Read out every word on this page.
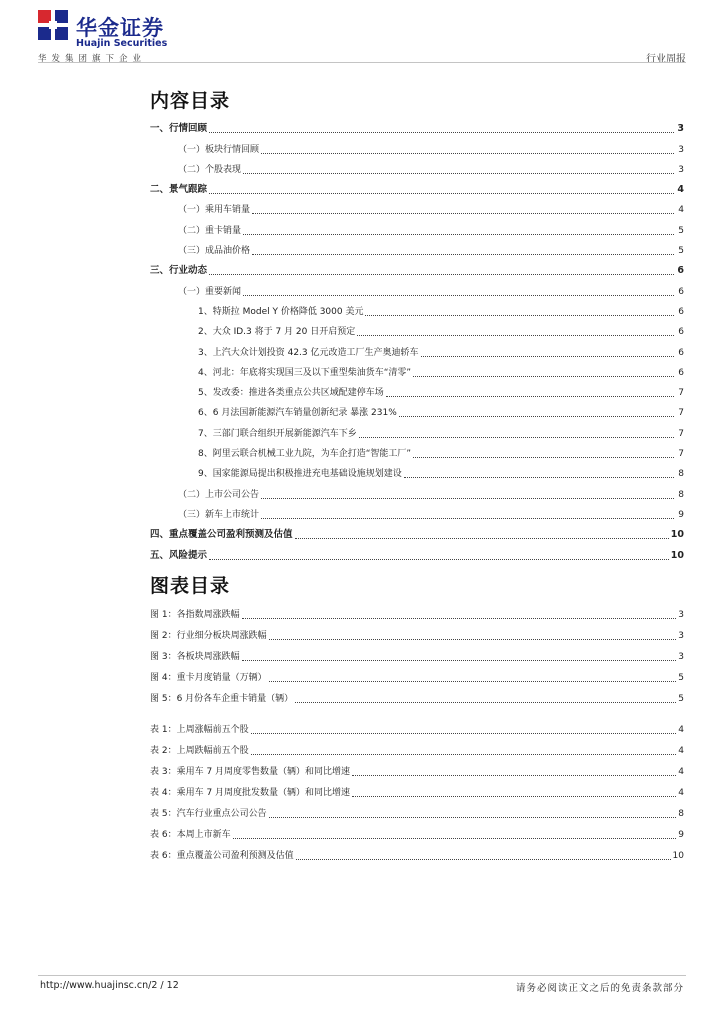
华金证券
Huajin Securities
华发集团旗下企业	行业周报
内容目录
一、行情回顾	3
（一）板块行情回顾	3
（二）个股表现	3
二、景气跟踪	4
（一）乘用车销量	4
（二）重卡销量	5
（三）成品油价格	5
三、行业动态	6
（一）重要新闻	6
1、特斯拉 Model Y 价格降低 3000 美元	6
2、大众 ID.3 将于 7 月 20 日开启预定	6
3、上汽大众计划投资 42.3 亿元改造工厂生产奥迪轿车	6
4、河北：年底将实现国三及以下重型柴油货车“清零”	6
5、发改委：推进各类重点公共区域配建停车场	7
6、6 月法国新能源汽车销量创新纪录 暴涨 231%	7
7、三部门联合组织开展新能源汽车下乡	7
8、阿里云联合机械工业九院，为车企打造“智能工厂”	7
9、国家能源局提出积极推进充电基础设施规划建设	8
（二）上市公司公告	8
（三）新车上市统计	9
四、重点覆盖公司盈利预测及估值	10
五、风险提示	10
图表目录
图 1：各指数周涨跌幅	3
图 2：行业细分板块周涨跌幅	3
图 3：各板块周涨跌幅	3
图 4：重卡月度销量（万辆）	5
图 5：6 月份各车企重卡销量（辆）	5
表 1：上周涨幅前五个股	4
表 2：上周跌幅前五个股	4
表 3：乘用车 7 月周度零售数量（辆）和同比增速	4
表 4：乘用车 7 月周度批发数量（辆）和同比增速	4
表 5：汽车行业重点公司公告	8
表 6：本周上市新车	9
表 6：重点覆盖公司盈利预测及估值	10
http://www.huajinsc.cn/2 / 12	请务必阅读正文之后的免责条款部分
